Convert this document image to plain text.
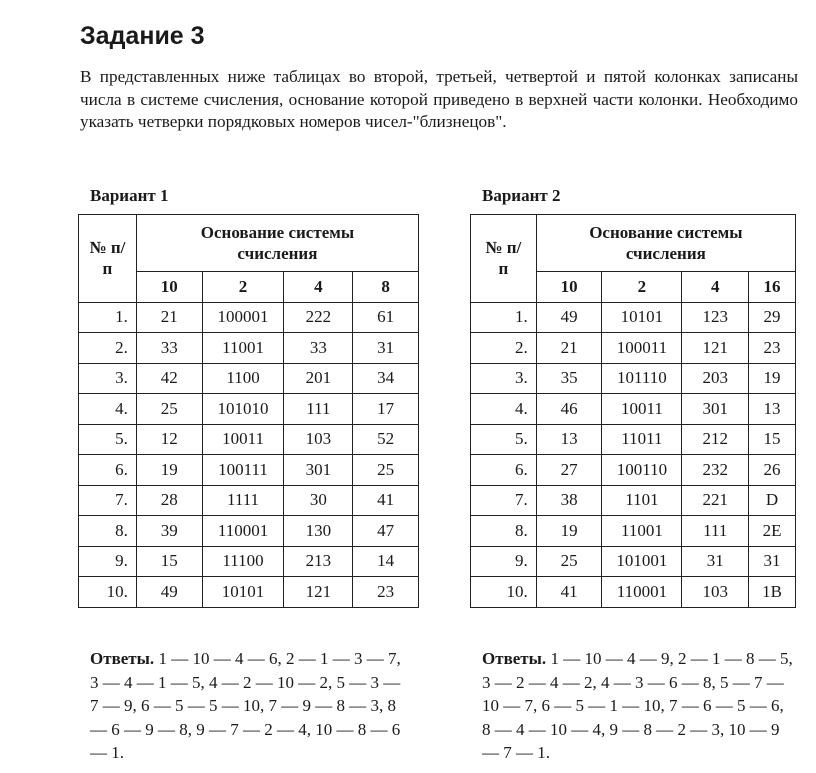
Задание 3
В представленных ниже таблицах во второй, третьей, четвертой и пятой колонках записаны числа в системе счисления, основание которой приведено в верхней части колонки. Необходимо указать четверки порядковых номеров чисел-"близнецов".
Вариант 1
№ п/п	Основание системы счисления			

	10	2	4	8
1.	21	100001	222	61
2.	33	11001	33	31
3.	42	1100	201	34
4.	25	101010	111	17
5.	12	10011	103	52
6.	19	100111	301	25
7.	28	1111	30	41
8.	39	110001	130	47
9.	15	11100	213	14
10.	49	10101	121	23
Ответы. 1 — 10 — 4 — 6, 2 — 1 — 3 — 7, 3 — 4 — 1 — 5, 4 — 2 — 10 — 2, 5 — 3 — 7 — 9, 6 — 5 — 5 — 10, 7 — 9 — 8 — 3, 8 — 6 — 9 — 8, 9 — 7 — 2 — 4, 10 — 8 — 6 — 1.
Вариант 2
№ п/п	Основание системы счисления			

	10	2	4	16
1.	49	10101	123	29
2.	21	100011	121	23
3.	35	101110	203	19
4.	46	10011	301	13
5.	13	11011	212	15
6.	27	100110	232	26
7.	38	1101	221	D
8.	19	11001	111	2E
9.	25	101001	31	31
10.	41	110001	103	1B
Ответы. 1 — 10 — 4 — 9, 2 — 1 — 8 — 5, 3 — 2 — 4 — 2, 4 — 3 — 6 — 8, 5 — 7 — 10 — 7, 6 — 5 — 1 — 10, 7 — 6 — 5 — 6, 8 — 4 — 10 — 4, 9 — 8 — 2 — 3, 10 — 9 — 7 — 1.
